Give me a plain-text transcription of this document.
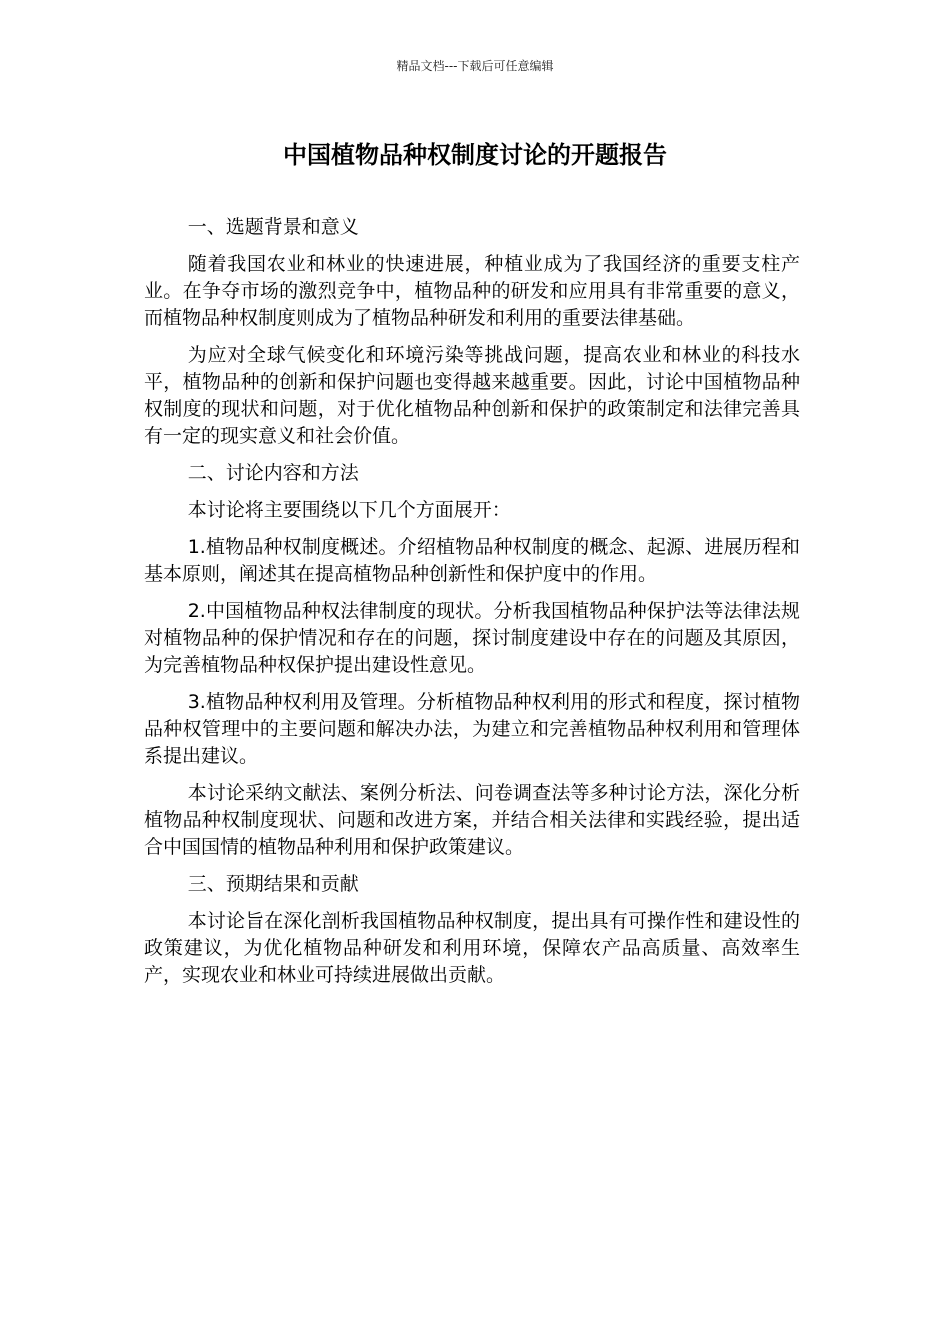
精品文档---下载后可任意编辑
中国植物品种权制度讨论的开题报告

一、选题背景和意义

随着我国农业和林业的快速进展，种植业成为了我国经济的重要支柱产业。在争夺市场的激烈竞争中，植物品种的研发和应用具有非常重要的意义，而植物品种权制度则成为了植物品种研发和利用的重要法律基础。

为应对全球气候变化和环境污染等挑战问题，提高农业和林业的科技水平，植物品种的创新和保护问题也变得越来越重要。因此，讨论中国植物品种权制度的现状和问题，对于优化植物品种创新和保护的政策制定和法律完善具有一定的现实意义和社会价值。

二、讨论内容和方法

本讨论将主要围绕以下几个方面展开：

1.植物品种权制度概述。介绍植物品种权制度的概念、起源、进展历程和基本原则，阐述其在提高植物品种创新性和保护度中的作用。

2.中国植物品种权法律制度的现状。分析我国植物品种保护法等法律法规对植物品种的保护情况和存在的问题，探讨制度建设中存在的问题及其原因，为完善植物品种权保护提出建设性意见。

3.植物品种权利用及管理。分析植物品种权利用的形式和程度，探讨植物品种权管理中的主要问题和解决办法，为建立和完善植物品种权利用和管理体系提出建议。

本讨论采纳文献法、案例分析法、问卷调查法等多种讨论方法，深化分析植物品种权制度现状、问题和改进方案，并结合相关法律和实践经验，提出适合中国国情的植物品种利用和保护政策建议。

三、预期结果和贡献

本讨论旨在深化剖析我国植物品种权制度，提出具有可操作性和建设性的政策建议，为优化植物品种研发和利用环境，保障农产品高质量、高效率生产，实现农业和林业可持续进展做出贡献。
